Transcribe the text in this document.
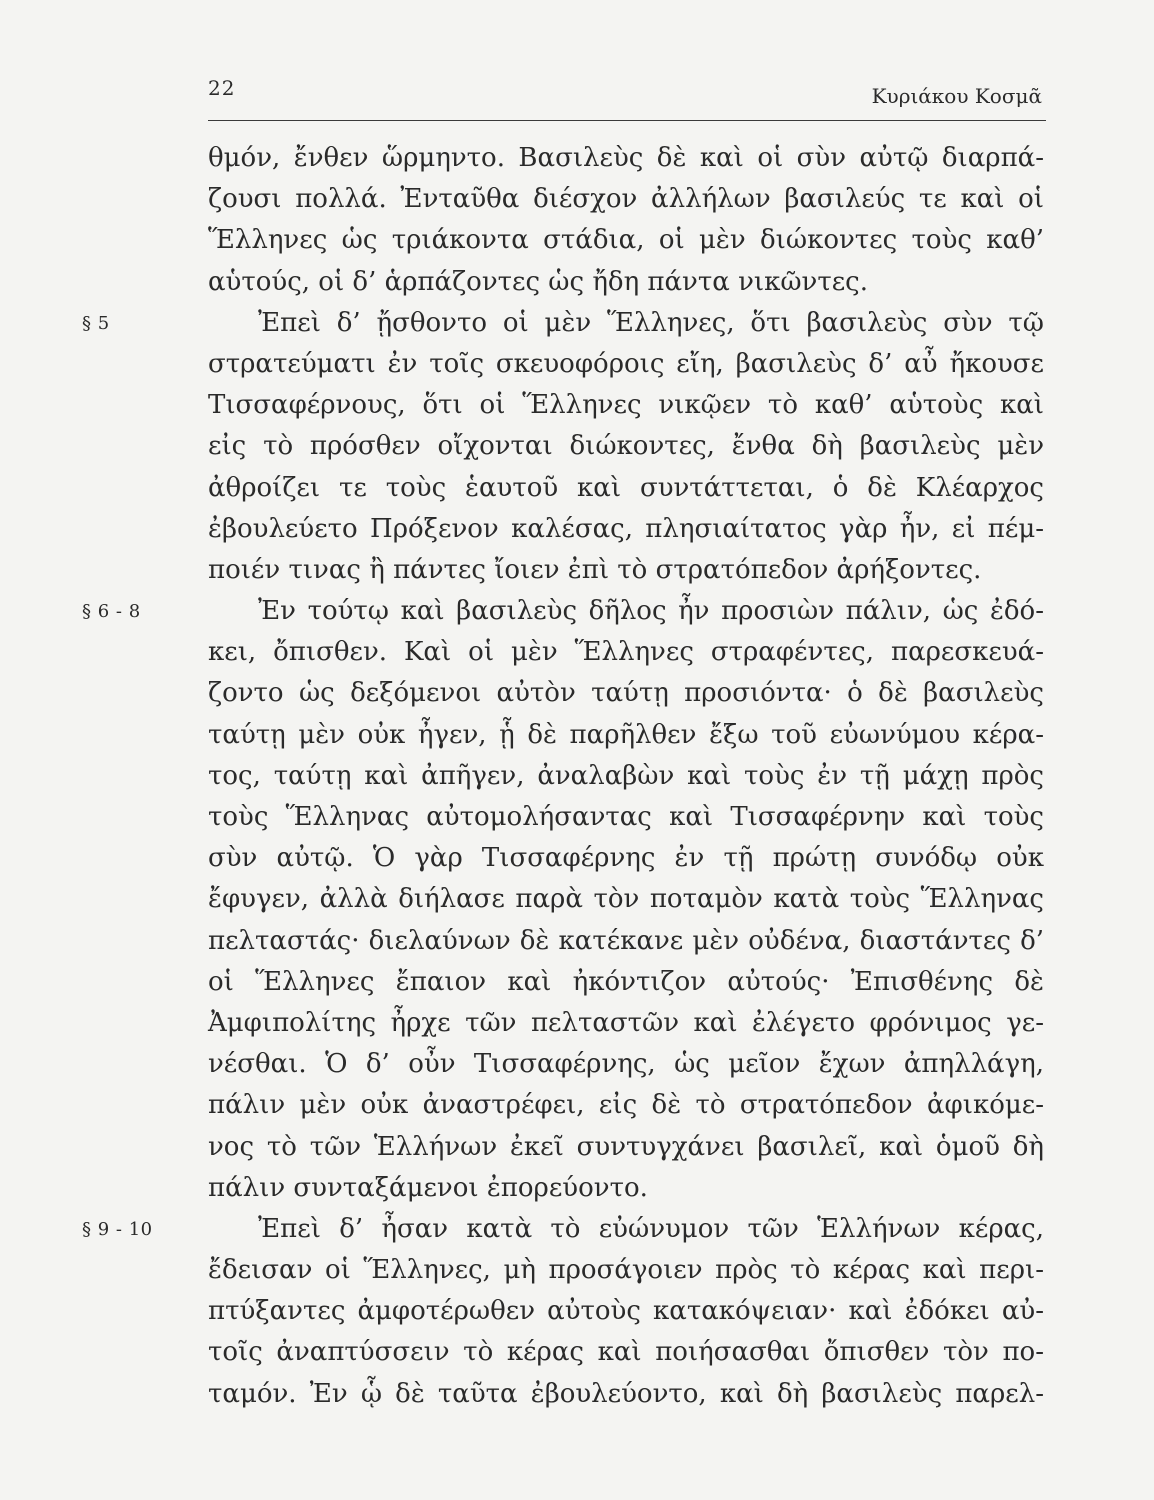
22	Κυριάκου Κοσμᾶ
θμόν, ἔνθεν ὥρμηντο. Βασιλεὺς δὲ καὶ οἱ σὺν αὐτῷ διαρπά-
ζουσι πολλά. Ἐνταῦθα διέσχον ἀλλήλων βασιλεύς τε καὶ οἱ
Ἕλληνες ὡς τριάκοντα στάδια, οἱ μὲν διώκοντες τοὺς καθ’
αὑτούς, οἱ δ’ ἁρπάζοντες ὡς ἤδη πάντα νικῶντες.
§ 5	Ἐπεὶ δ’ ᾔσθοντο οἱ μὲν Ἕλληνες, ὅτι βασιλεὺς σὺν τῷ
στρατεύματι ἐν τοῖς σκευοφόροις εἴη, βασιλεὺς δ’ αὖ ἤκουσε
Τισσαφέρνους, ὅτι οἱ Ἕλληνες νικῷεν τὸ καθ’ αὑτοὺς καὶ
εἰς τὸ πρόσθεν οἴχονται διώκοντες, ἔνθα δὴ βασιλεὺς μὲν
ἀθροίζει τε τοὺς ἑαυτοῦ καὶ συντάττεται, ὁ δὲ Κλέαρχος
ἐβουλεύετο Πρόξενον καλέσας, πλησιαίτατος γὰρ ἦν, εἰ πέμ-
ποιέν τινας ἢ πάντες ἴοιεν ἐπὶ τὸ στρατόπεδον ἀρήξοντες.
§ 6 - 8	Ἐν τούτῳ καὶ βασιλεὺς δῆλος ἦν προσιὼν πάλιν, ὡς ἐδό-
κει, ὄπισθεν. Καὶ οἱ μὲν Ἕλληνες στραφέντες, παρεσκευά-
ζοντο ὡς δεξόμενοι αὐτὸν ταύτῃ προσιόντα· ὁ δὲ βασιλεὺς
ταύτῃ μὲν οὐκ ἦγεν, ᾗ δὲ παρῆλθεν ἔξω τοῦ εὐωνύμου κέρα-
τος, ταύτῃ καὶ ἀπῆγεν, ἀναλαβὼν καὶ τοὺς ἐν τῇ μάχῃ πρὸς
τοὺς Ἕλληνας αὐτομολήσαντας καὶ Τισσαφέρνην καὶ τοὺς
σὺν αὐτῷ. Ὁ γὰρ Τισσαφέρνης ἐν τῇ πρώτῃ συνόδῳ οὐκ
ἔφυγεν, ἀλλὰ διήλασε παρὰ τὸν ποταμὸν κατὰ τοὺς Ἕλληνας
πελταστάς· διελαύνων δὲ κατέκανε μὲν οὐδένα, διαστάντες δ’
οἱ Ἕλληνες ἔπαιον καὶ ἠκόντιζον αὐτούς· Ἐπισθένης δὲ
Ἀμφιπολίτης ἦρχε τῶν πελταστῶν καὶ ἐλέγετο φρόνιμος γε-
νέσθαι. Ὁ δ’ οὖν Τισσαφέρνης, ὡς μεῖον ἔχων ἀπηλλάγη,
πάλιν μὲν οὐκ ἀναστρέφει, εἰς δὲ τὸ στρατόπεδον ἀφικόμε-
νος τὸ τῶν Ἑλλήνων ἐκεῖ συντυγχάνει βασιλεῖ, καὶ ὁμοῦ δὴ
πάλιν συνταξάμενοι ἐπορεύοντο.
§ 9 - 10	Ἐπεὶ δ’ ἦσαν κατὰ τὸ εὐώνυμον τῶν Ἑλλήνων κέρας,
ἔδεισαν οἱ Ἕλληνες, μὴ προσάγοιεν πρὸς τὸ κέρας καὶ περι-
πτύξαντες ἀμφοτέρωθεν αὐτοὺς κατακόψειαν· καὶ ἐδόκει αὐ-
τοῖς ἀναπτύσσειν τὸ κέρας καὶ ποιήσασθαι ὄπισθεν τὸν πο-
ταμόν. Ἐν ᾧ δὲ ταῦτα ἐβουλεύοντο, καὶ δὴ βασιλεὺς παρελ-
